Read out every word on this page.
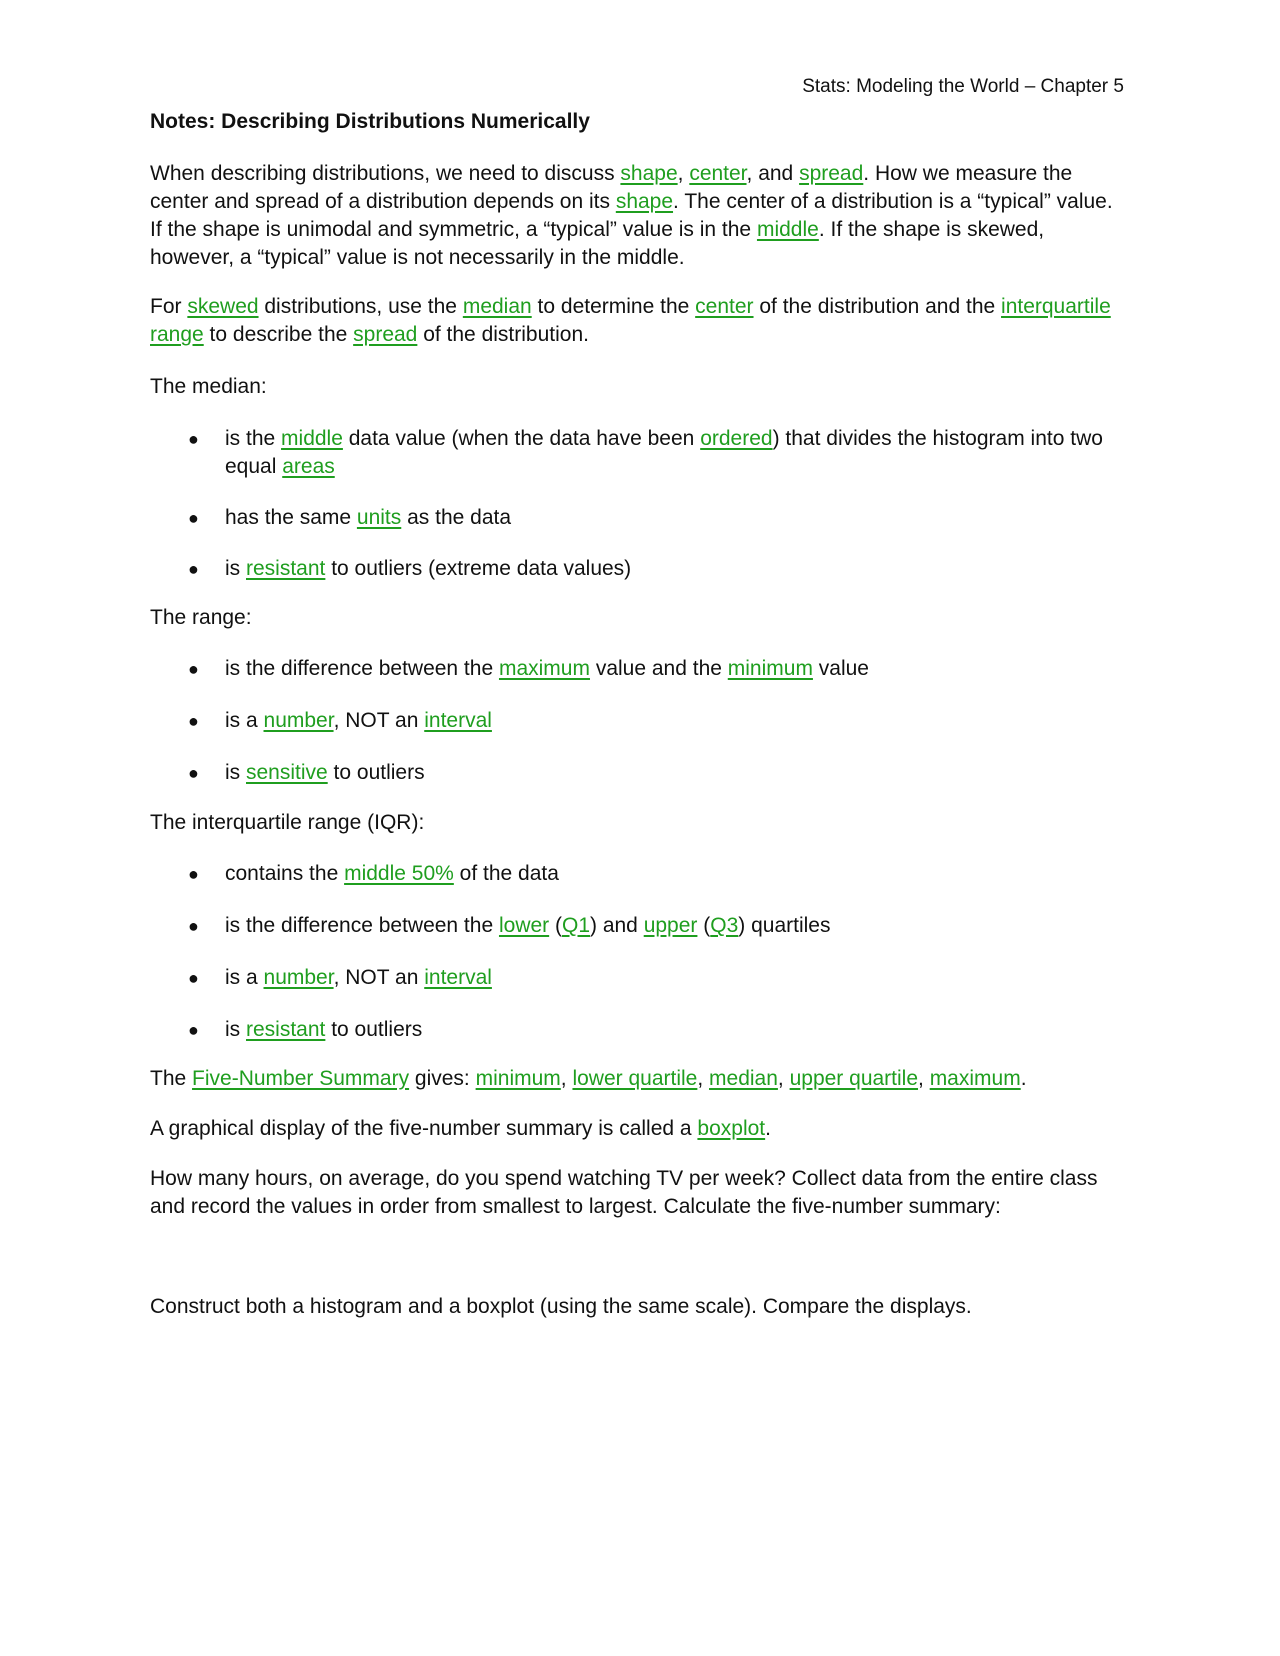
Stats: Modeling the World – Chapter 5

Notes: Describing Distributions Numerically

When describing distributions, we need to discuss shape, center, and spread. How we measure the center and spread of a distribution depends on its shape. The center of a distribution is a “typical” value. If the shape is unimodal and symmetric, a “typical” value is in the middle. If the shape is skewed, however, a “typical” value is not necessarily in the middle.

For skewed distributions, use the median to determine the center of the distribution and the interquartile range to describe the spread of the distribution.

The median:

● is the middle data value (when the data have been ordered) that divides the histogram into two equal areas
● has the same units as the data
● is resistant to outliers (extreme data values)

The range:

● is the difference between the maximum value and the minimum value
● is a number, NOT an interval
● is sensitive to outliers

The interquartile range (IQR):

● contains the middle 50% of the data
● is the difference between the lower (Q1) and upper (Q3) quartiles
● is a number, NOT an interval
● is resistant to outliers

The Five-Number Summary gives: minimum, lower quartile, median, upper quartile, maximum.

A graphical display of the five-number summary is called a boxplot.

How many hours, on average, do you spend watching TV per week? Collect data from the entire class and record the values in order from smallest to largest. Calculate the five-number summary:

Construct both a histogram and a boxplot (using the same scale). Compare the displays.
